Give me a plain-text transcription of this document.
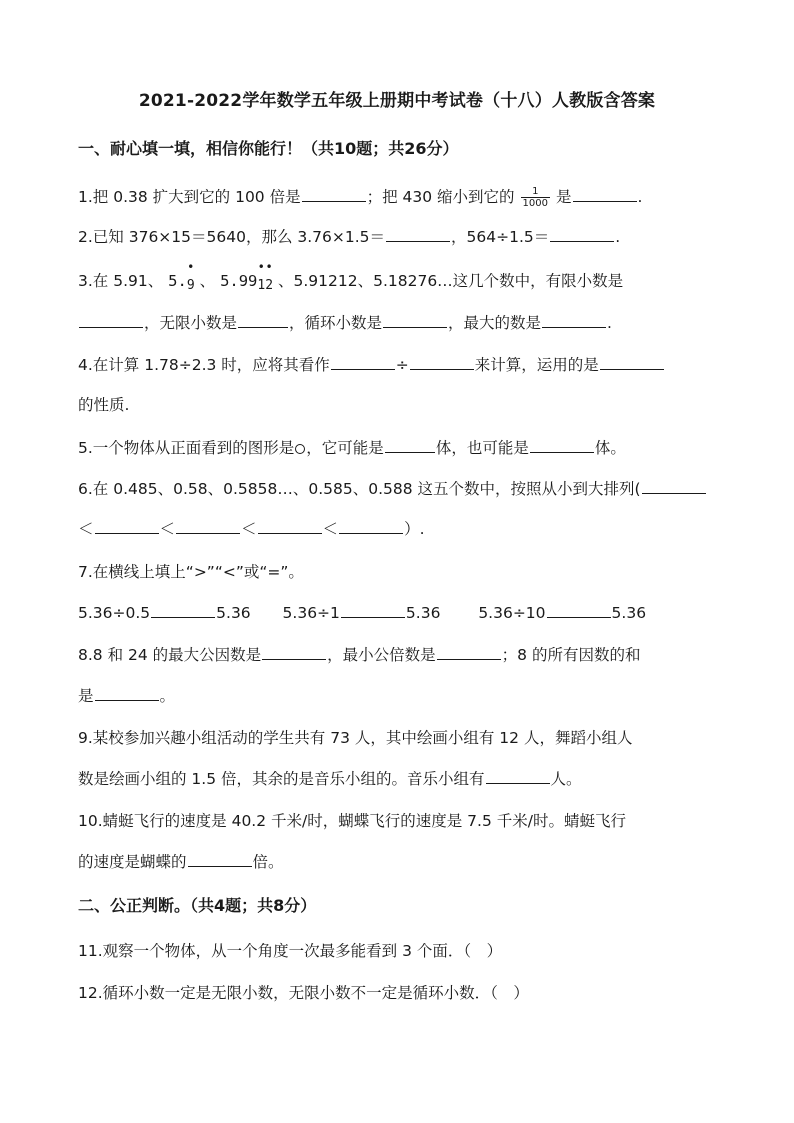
2021-2022学年数学五年级上册期中考试卷（十八）人教版含答案
一、耐心填一填，相信你能行！（共10题；共26分）
1.把 0.38 扩大到它的 100 倍是	；把 430 缩小到它的 $\frac{1}{1000}$ 是	.
2.已知 376×15＝5640，那么 3.76×1.5＝	，564÷1.5＝	.
3.在 5.91、 5.
•
$_9$ 、 5.99
•
$_1$
•
$_2$ 、5.91212、5.18276…这几个数中，有限小数是
，无限小数是	，循环小数是	，最大的数是	.
4.在计算 1.78÷2.3 时，应将其看作	÷	来计算，运用的是
的性质.
5.一个物体从正面看到的图形是 ，它可能是	体，也可能是	体。
6.在 0.485、0.58、0.5858…、0.585、0.588 这五个数中，按照从小到大排列(
＜	＜	＜	＜	）.
7.在横线上填上“>”“<”或“=”。
5.36÷0.5	5.36 5.36÷1	5.36 5.36÷10	5.36
8.8 和 24 的最大公因数是	，最小公倍数是	；8 的所有因数的和
是	。
9.某校参加兴趣小组活动的学生共有 73 人，其中绘画小组有 12 人，舞蹈小组人
数是绘画小组的 1.5 倍，其余的是音乐小组的。音乐小组有	人。
10.蜻蜓飞行的速度是 40.2 千米/时，蝴蝶飞行的速度是 7.5 千米/时。蜻蜓飞行
的速度是蝴蝶的	倍。
二、公正判断。（共4题；共8分）
11.观察一个物体，从一个角度一次最多能看到 3 个面．（　）
12.循环小数一定是无限小数，无限小数不一定是循环小数．（　）
